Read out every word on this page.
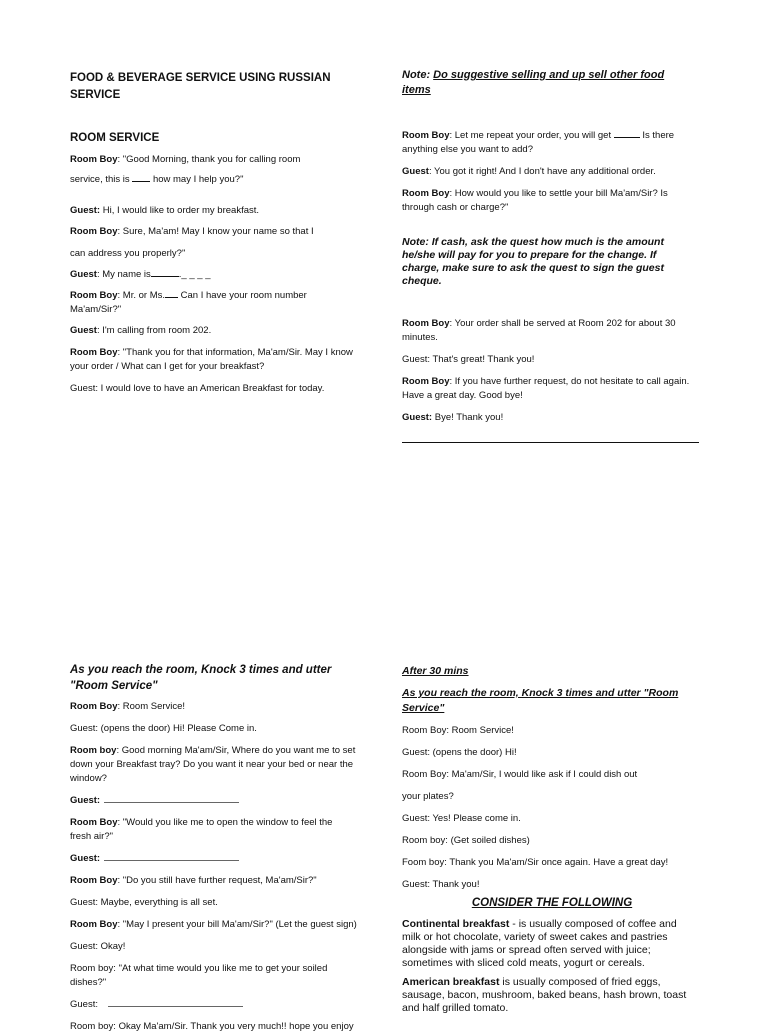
FOOD & BEVERAGE SERVICE USING RUSSIAN
SERVICE

ROOM SERVICE

Room Boy: "Good Morning, thank you for calling room

service, this is how may I help you?"

Guest: Hi, I would like to order my breakfast.

Room Boy: Sure, Ma'am! May I know your name so that I

can address you properly?"

Guest: My name is	._ _ _ _

Room Boy: Mr. or Ms. Can I have your room number
Ma'am/Sir?"

Guest: I'm calling from room 202.

Room Boy: "Thank you for that information, Ma'am/Sir. May I know
your order / What can I get for your breakfast?

Guest: I would love to have an American Breakfast for today.

Note: Do suggestive selling and up sell other food
items

Room Boy: Let me repeat your order, you will get	Is there
anything else you want to add?

Guest: You got it right! And I don't have any additional order.

Room Boy: How would you like to settle your bill Ma'am/Sir? Is
through cash or charge?"

Note: If cash, ask the quest how much is the amount
he/she will pay for you to prepare for the change. If
charge, make sure to ask the quest to sign the guest
cheque.

Room Boy: Your order shall be served at Room 202 for about 30
minutes.

Guest: That's great! Thank you!

Room Boy: If you have further request, do not hesitate to call again.
Have a great day. Good bye!

Guest: Bye! Thank you!

As you reach the room, Knock 3 times and utter
"Room Service"

Room Boy: Room Service!

Guest: (opens the door) Hi! Please Come in.

Room boy: Good morning Ma'am/Sir, Where do you want me to set
down your Breakfast tray? Do you want it near your bed or near the
window?

Guest:

Room Boy: "Would you like me to open the window to feel the
fresh air?"

Guest:

Room Boy: "Do you still have further request, Ma'am/Sir?"

Guest: Maybe, everything is all set.

Room Boy: "May I present your bill Ma'am/Sir?" (Let the guest sign)

Guest: Okay!

Room boy: "At what time would you like me to get your soiled
dishes?"

Guest:

Room boy: Okay Ma'am/Sir. Thank you very much!! hope you enjoy

After 30 mins

As you reach the room, Knock 3 times and utter "Room
Service"

Room Boy: Room Service!

Guest: (opens the door) Hi!

Room Boy: Ma'am/Sir, I would like ask if I could dish out

your plates?

Guest: Yes! Please come in.

Room boy: (Get soiled dishes)

Foom boy: Thank you Ma'am/Sir once again. Have a great day!

Guest: Thank you!

CONSIDER THE FOLLOWING

Continental breakfast - is usually composed of coffee and
milk or hot chocolate, variety of sweet cakes and pastries
alongside with jams or spread often served with juice;
sometimes with sliced cold meats, yogurt or cereals.

American breakfast is usually composed of fried eggs,
sausage, bacon, mushroom, baked beans, hash brown, toast
and half grilled tomato.
